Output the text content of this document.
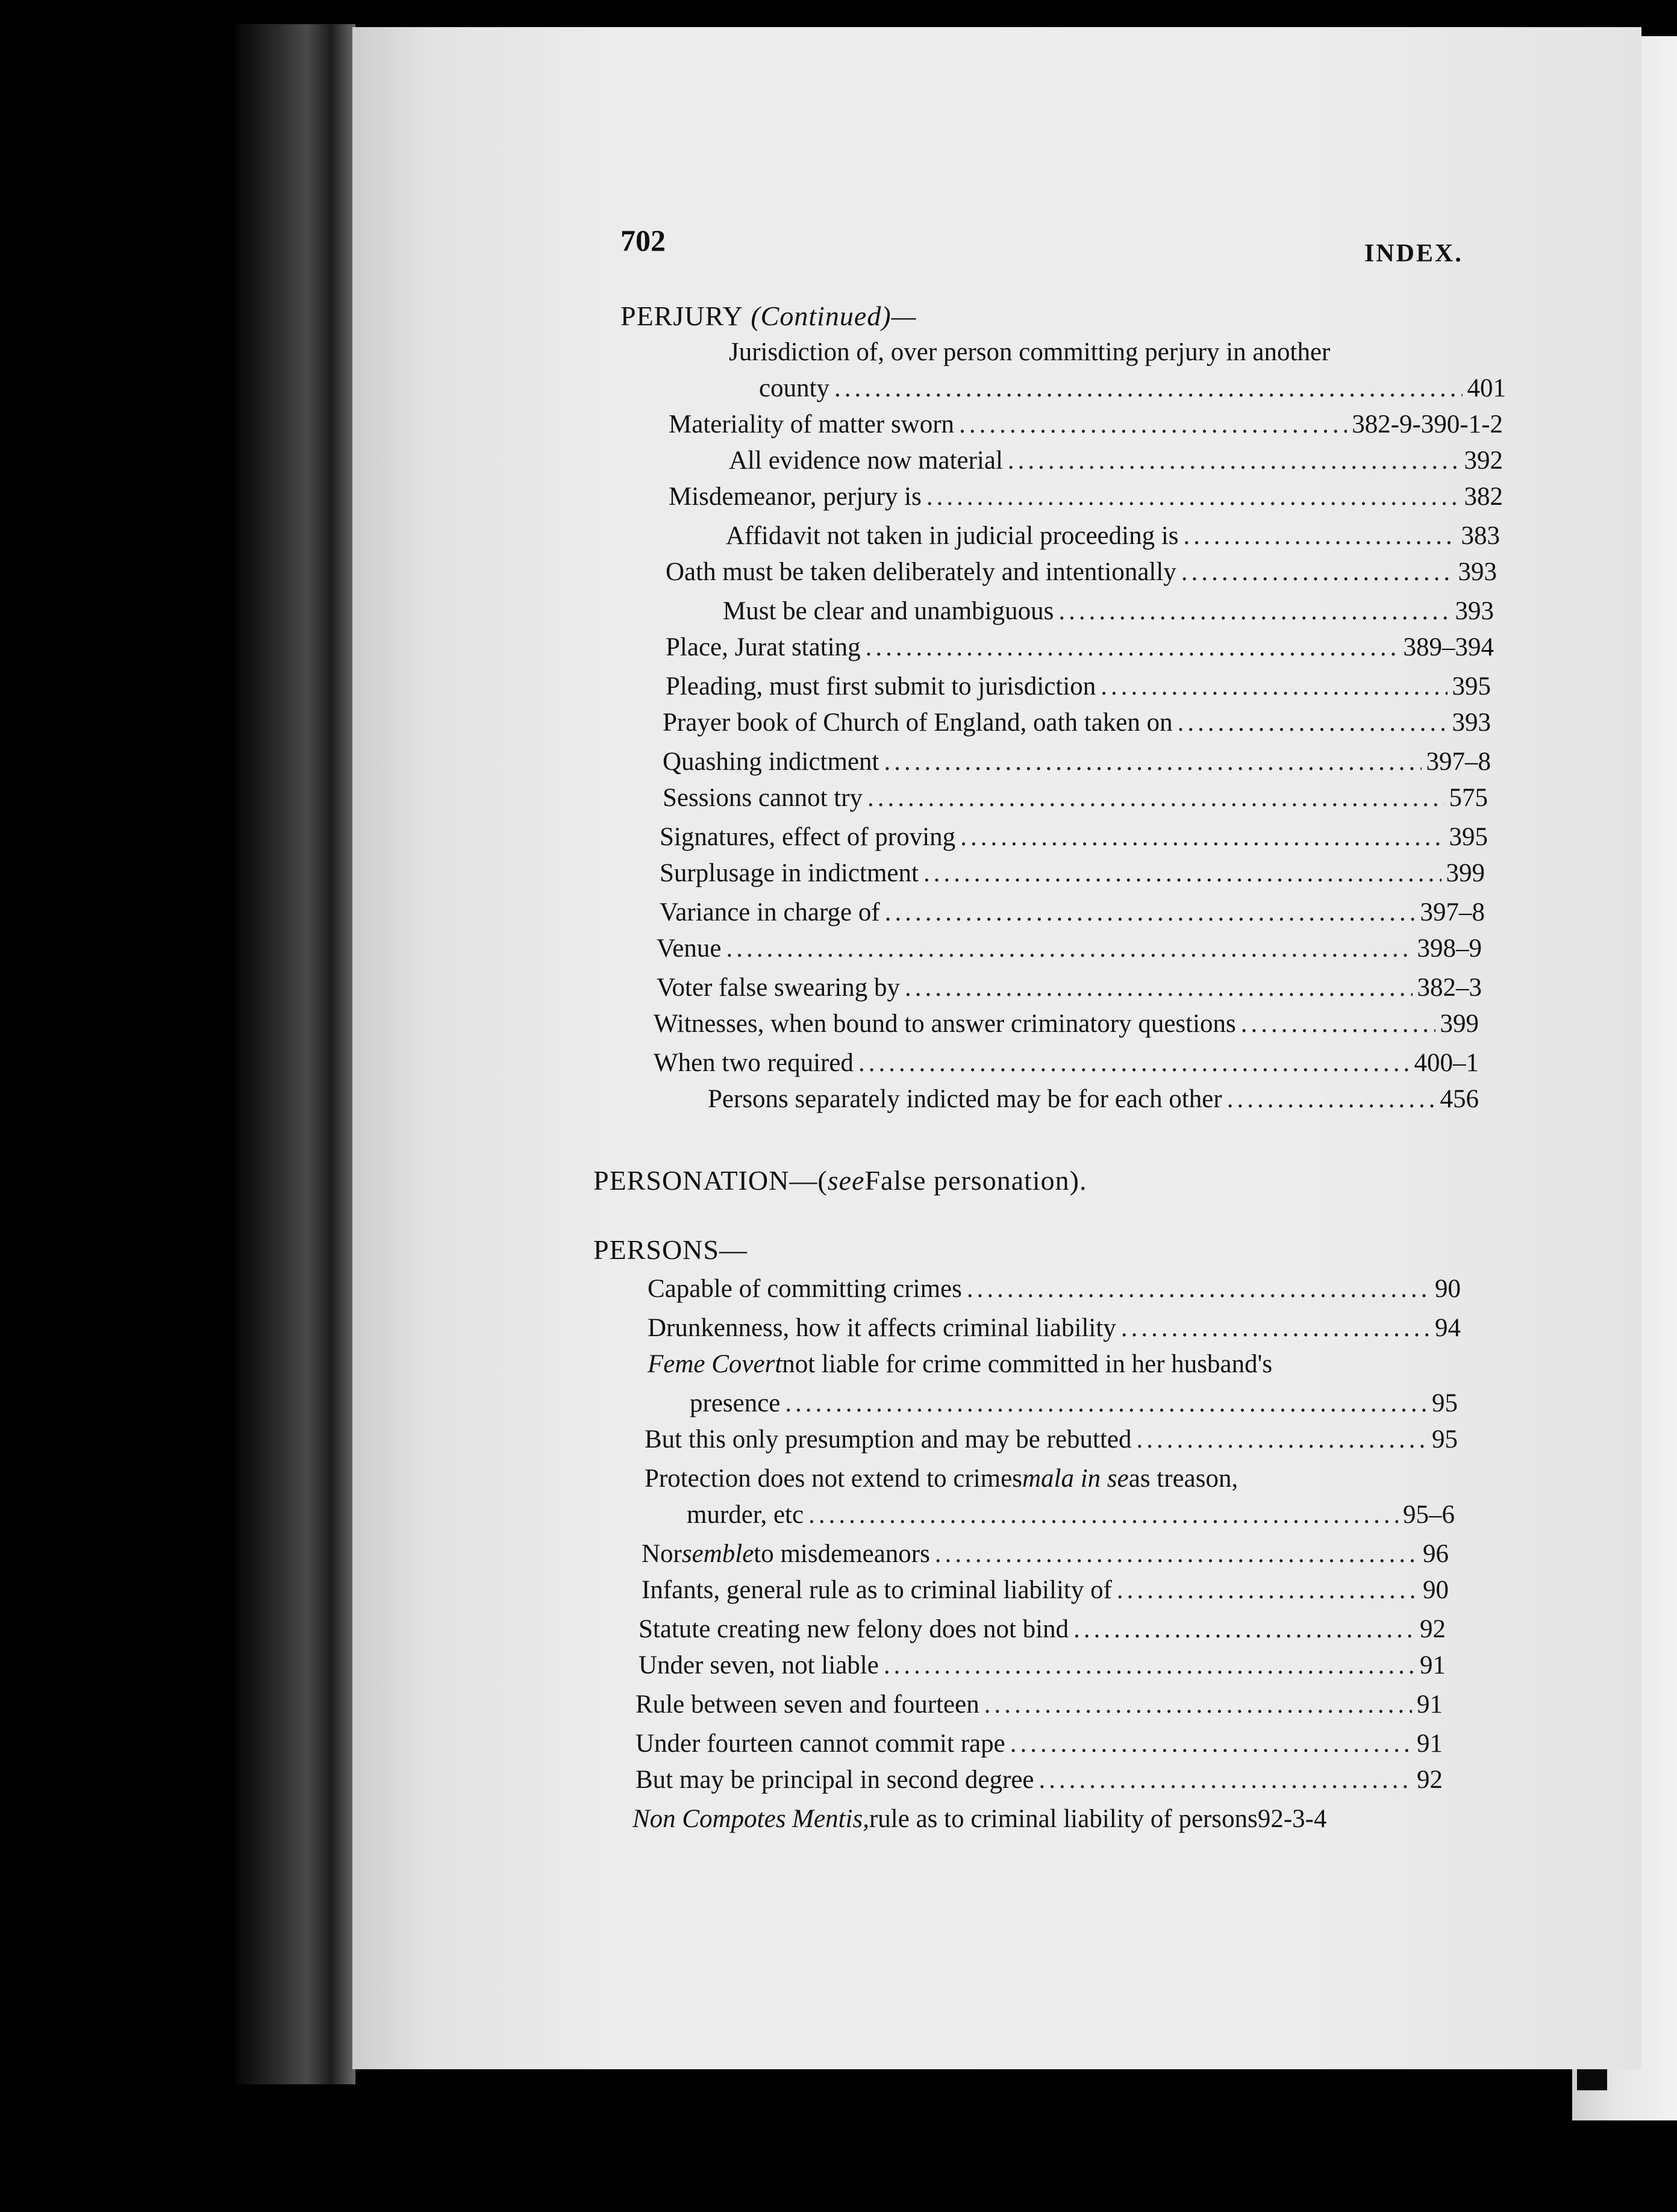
702	INDEX.
PERJURY
(Continued)—
Jurisdiction of, over person committing perjury in another
county .....	401
Materiality of matter sworn .....	382-9-390-1-2
All evidence now material .....	392
Misdemeanor, perjury is .....	382
Affidavit not taken in judicial proceeding is .....	383
Oath must be taken deliberately and intentionally .....	393
Must be clear and unambiguous .....	393
Place, Jurat stating .....	389–394
Pleading, must first submit to jurisdiction .....	395
Prayer book of Church of England, oath taken on .....	393
Quashing indictment .....	397–8
Sessions cannot try .....	575
Signatures, effect of proving .....	395
Surplusage in indictment .....	399
Variance in charge of .....	397–8
Venue .....	398–9
Voter false swearing by .....	382–3
Witnesses, when bound to answer criminatory questions .....	399
When two required .....	400–1
Persons separately indicted may be for each other .....	456
PERSONATION— ( see False personation).
PERSONS—
Capable of committing crimes .....	90
Drunkenness, how it affects criminal liability .....	94
Feme Covert not liable for crime committed in her husband's
presence .....	95
But this only presumption and may be rebutted .....	95
Protection does not extend to crimes mala in se as treason,
murder, etc .....	95–6
Nor semble to misdemeanors .....	96
Infants, general rule as to criminal liability of .....	90
Statute creating new felony does not bind .....	92
Under seven, not liable .....	91
Rule between seven and fourteen .....	91
Under fourteen cannot commit rape .....	91
But may be principal in second degree .....	92
Non Compotes Mentis, rule as to criminal liability of persons 92-3-4
